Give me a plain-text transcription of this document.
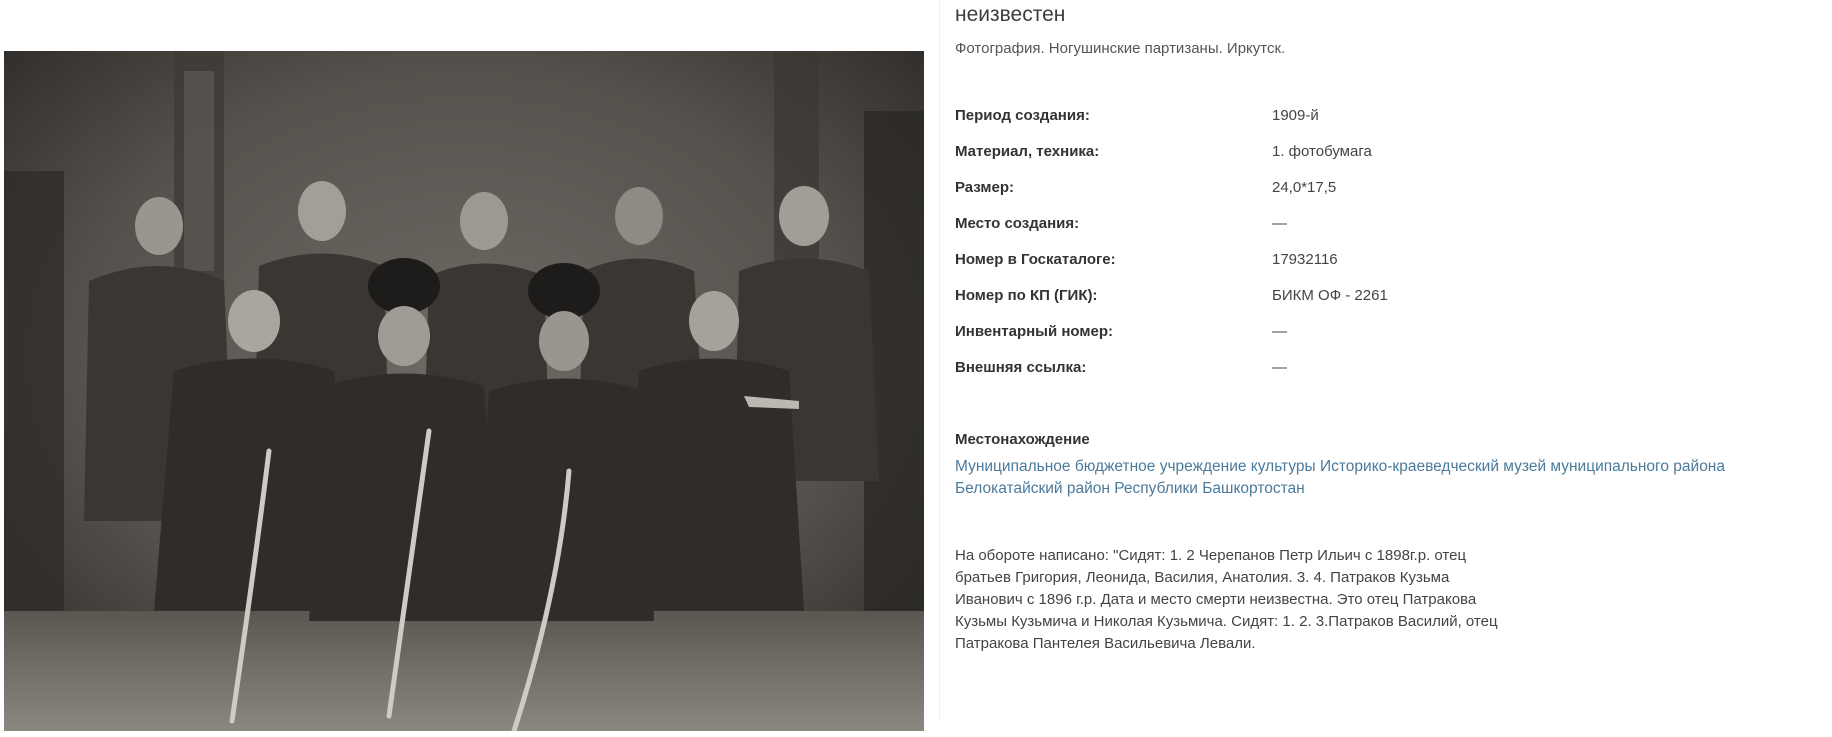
неизвестен
Фотография. Ногушинские партизаны. Иркутск.
Период создания:	1909-й
Материал, техника:	1. фотобумага
Размер:	24,0*17,5
Место создания:	—
Номер в Госкаталоге:	17932116
Номер по КП (ГИК):	БИКМ ОФ - 2261
Инвентарный номер:	—
Внешняя ссылка:	—
Местонахождение
Муниципальное бюджетное учреждение культуры Историко-краеведческий музей муниципального района Белокатайский район Республики Башкортостан
На обороте написано: "Сидят: 1. 2 Черепанов Петр Ильич с 1898г.р. отец
братьев Григория, Леонида, Василия, Анатолия. 3. 4. Патраков Кузьма
Иванович с 1896 г.р. Дата и место смерти неизвестна. Это отец Патракова
Кузьмы Кузьмича и Николая Кузьмича. Сидят: 1. 2. 3.Патраков Василий, отец
Патракова Пантелея Васильевича Левали.
